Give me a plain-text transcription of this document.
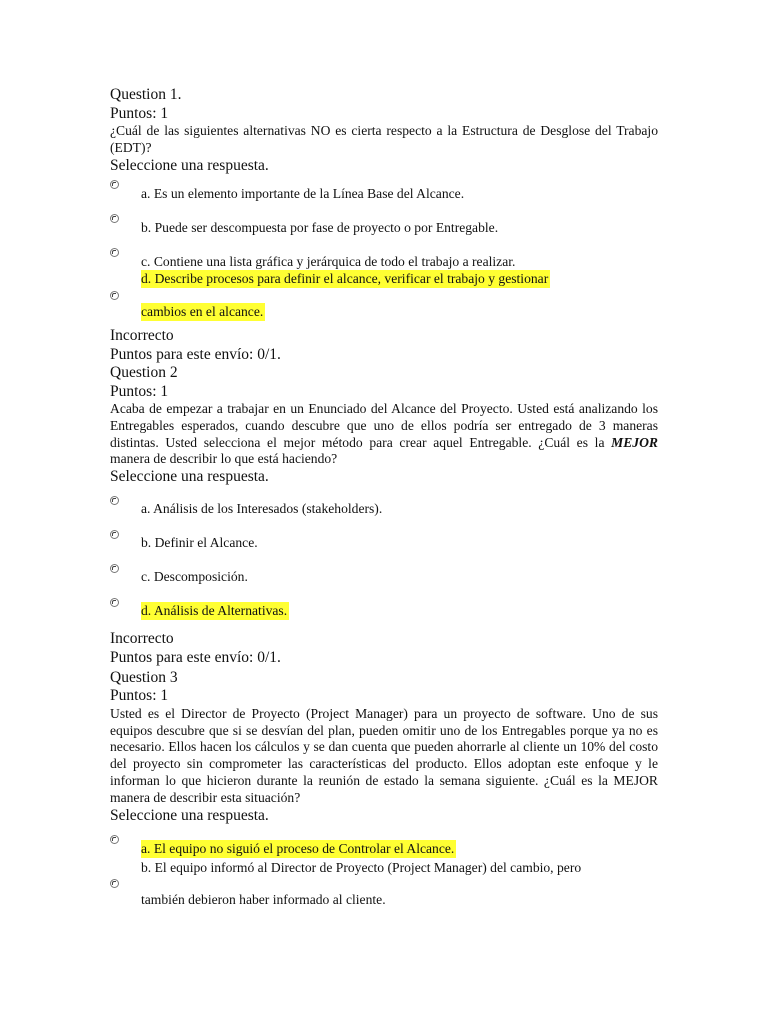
Question 1.
Puntos: 1
¿Cuál de las siguientes alternativas NO es cierta respecto a la Estructura de Desglose del Trabajo (EDT)?
Seleccione una respuesta.
a. Es un elemento importante de la Línea Base del Alcance.
b. Puede ser descompuesta por fase de proyecto o por Entregable.
c. Contiene una lista gráfica y jerárquica de todo el trabajo a realizar.
d. Describe procesos para definir el alcance, verificar el trabajo y gestionar
cambios en el alcance.
Incorrecto
Puntos para este envío: 0/1.
Question 2
Puntos: 1
Acaba de empezar a trabajar en un Enunciado del Alcance del Proyecto. Usted está analizando los Entregables esperados, cuando descubre que uno de ellos podría ser entregado de 3 maneras distintas. Usted selecciona el mejor método para crear aquel Entregable. ¿Cuál es la MEJOR manera de describir lo que está haciendo?
Seleccione una respuesta.
a. Análisis de los Interesados (stakeholders).
b. Definir el Alcance.
c. Descomposición.
d. Análisis de Alternativas.
Incorrecto
Puntos para este envío: 0/1.
Question 3
Puntos: 1
Usted es el Director de Proyecto (Project Manager) para un proyecto de software. Uno de sus equipos descubre que si se desvían del plan, pueden omitir uno de los Entregables porque ya no es necesario. Ellos hacen los cálculos y se dan cuenta que pueden ahorrarle al cliente un 10% del costo del proyecto sin comprometer las características del producto. Ellos adoptan este enfoque y le informan lo que hicieron durante la reunión de estado la semana siguiente. ¿Cuál es la MEJOR manera de describir esta situación?
Seleccione una respuesta.
a. El equipo no siguió el proceso de Controlar el Alcance.
b. El equipo informó al Director de Proyecto (Project Manager) del cambio, pero
también debieron haber informado al cliente.
